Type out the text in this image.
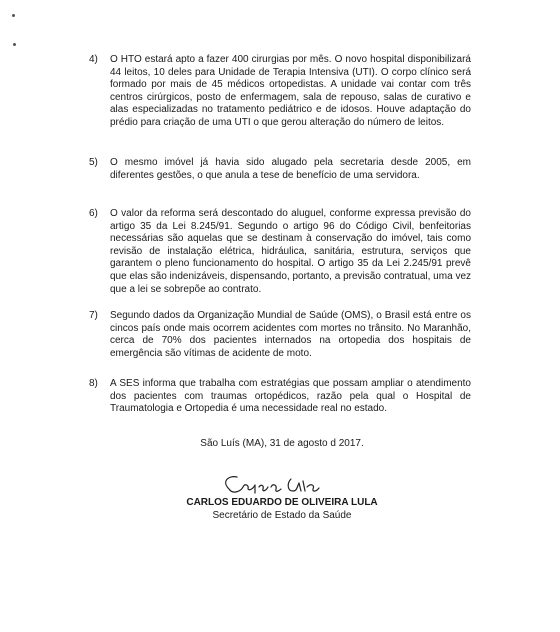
4)	O HTO estará apto a fazer 400 cirurgias por mês. O novo hospital disponibilizará 44 leitos, 10 deles para Unidade de Terapia Intensiva (UTI). O corpo clínico será formado por mais de 45 médicos ortopedistas. A unidade vai contar com três centros cirúrgicos, posto de enfermagem, sala de repouso, salas de curativo e alas especializadas no tratamento pediátrico e de idosos. Houve adaptação do prédio para criação de uma UTI o que gerou alteração do número de leitos.
5)	O mesmo imóvel já havia sido alugado pela secretaria desde 2005, em diferentes gestões, o que anula a tese de benefício de uma servidora.
6)	O valor da reforma será descontado do aluguel, conforme expressa previsão do artigo 35 da Lei 8.245/91. Segundo o artigo 96 do Código Civil, benfeitorias necessárias são aquelas que se destinam à conservação do imóvel, tais como revisão de instalação elétrica, hidráulica, sanitária, estrutura, serviços que garantem o pleno funcionamento do hospital. O artigo 35 da Lei 2.245/91 prevê que elas são indenizáveis, dispensando, portanto, a previsão contratual, uma vez que a lei se sobrepõe ao contrato.
7)	Segundo dados da Organização Mundial de Saúde (OMS), o Brasil está entre os cincos país onde mais ocorrem acidentes com mortes no trânsito. No Maranhão, cerca de 70% dos pacientes internados na ortopedia dos hospitais de emergência são vítimas de acidente de moto.
8)	A SES informa que trabalha com estratégias que possam ampliar o atendimento dos pacientes com traumas ortopédicos, razão pela qual o Hospital de Traumatologia e Ortopedia é uma necessidade real no estado.
São Luís (MA), 31 de agosto d 2017.
CARLOS EDUARDO DE OLIVEIRA LULA
Secretário de Estado da Saúde
